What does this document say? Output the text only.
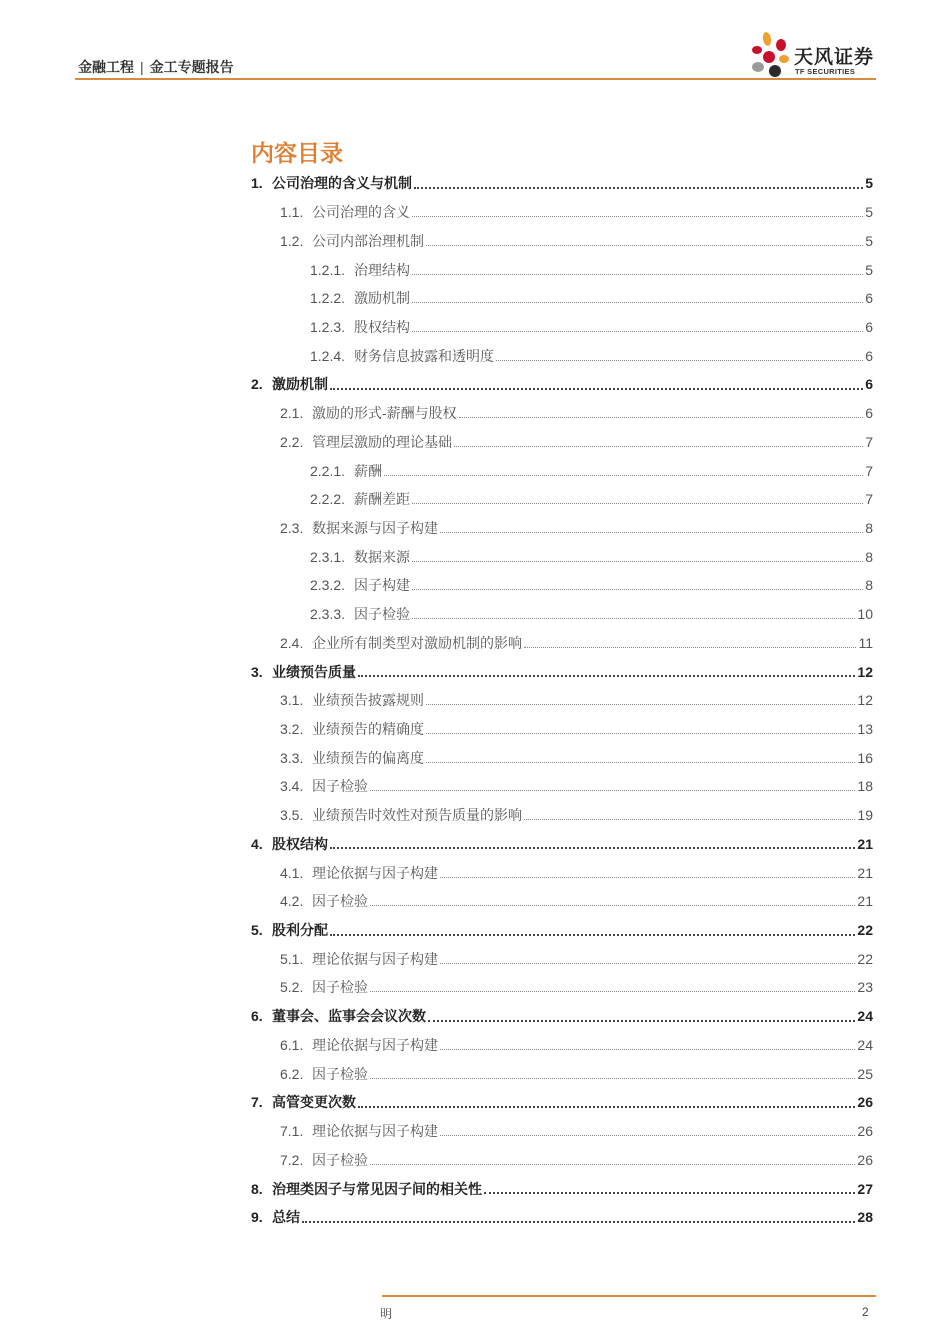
金融工程 | 金工专题报告	天风证券
TF SECURITIES
内容目录
1. 公司治理的含义与机制	5
1.1. 公司治理的含义	5
1.2. 公司内部治理机制	5
1.2.1. 治理结构	5
1.2.2. 激励机制	6
1.2.3. 股权结构	6
1.2.4. 财务信息披露和透明度	6
2. 激励机制	6
2.1. 激励的形式-薪酬与股权	6
2.2. 管理层激励的理论基础	7
2.2.1. 薪酬	7
2.2.2. 薪酬差距	7
2.3. 数据来源与因子构建	8
2.3.1. 数据来源	8
2.3.2. 因子构建	8
2.3.3. 因子检验	10
2.4. 企业所有制类型对激励机制的影响	11
3. 业绩预告质量	12
3.1. 业绩预告披露规则	12
3.2. 业绩预告的精确度	13
3.3. 业绩预告的偏离度	16
3.4. 因子检验	18
3.5. 业绩预告时效性对预告质量的影响	19
4. 股权结构	21
4.1. 理论依据与因子构建	21
4.2. 因子检验	21
5. 股利分配	22
5.1. 理论依据与因子构建	22
5.2. 因子检验	23
6. 董事会、监事会会议次数	24
6.1. 理论依据与因子构建	24
6.2. 因子检验	25
7. 高管变更次数	26
7.1. 理论依据与因子构建	26
7.2. 因子检验	26
8. 治理类因子与常见因子间的相关性	27
9. 总结	28
明	2
